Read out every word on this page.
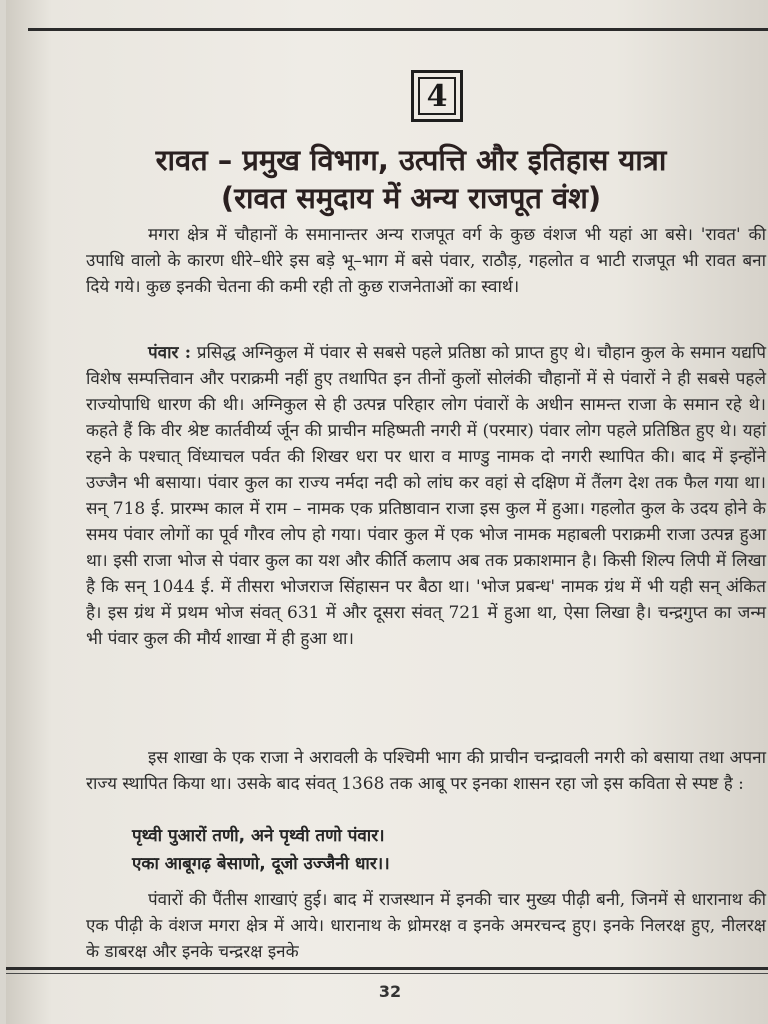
4
रावत – प्रमुख विभाग, उत्पत्ति और इतिहास यात्रा
(रावत समुदाय में अन्य राजपूत वंश)

मगरा क्षेत्र में चौहानों के समानान्तर अन्य राजपूत वर्ग के कुछ वंशज भी यहां आ बसे। 'रावत' की उपाधि वालो के कारण धीरे–धीरे इस बड़े भू–भाग में बसे पंवार, राठौड़, गहलोत व भाटी राजपूत भी रावत बना दिये गये। कुछ इनकी चेतना की कमी रही तो कुछ राजनेताओं का स्वार्थ।

पंवार : प्रसिद्ध अग्निकुल में पंवार से सबसे पहले प्रतिष्ठा को प्राप्त हुए थे। चौहान कुल के समान यद्यपि विशेष सम्पत्तिवान और पराक्रमी नहीं हुए तथापित इन तीनों कुलों सोलंकी चौहानों में से पंवारों ने ही सबसे पहले राज्योपाधि धारण की थी। अग्निकुल से ही उत्पन्न परिहार लोग पंवारों के अधीन सामन्त राजा के समान रहे थे। कहते हैं कि वीर श्रेष्ट कार्तवीर्य्य र्जून की प्राचीन महिष्मती नगरी में (परमार) पंवार लोग पहले प्रतिष्ठित हुए थे। यहां रहने के पश्चात् विंध्याचल पर्वत की शिखर धरा पर धारा व माण्डु नामक दो नगरी स्थापित की। बाद में इन्होंने उज्जैन भी बसाया। पंवार कुल का राज्य नर्मदा नदी को लांघ कर वहां से दक्षिण में तैंलग देश तक फैल गया था। सन् 718 ई. प्रारम्भ काल में राम – नामक एक प्रतिष्ठावान राजा इस कुल में हुआ। गहलोत कुल के उदय होने के समय पंवार लोगों का पूर्व गौरव लोप हो गया। पंवार कुल में एक भोज नामक महाबली पराक्रमी राजा उत्पन्न हुआ था। इसी राजा भोज से पंवार कुल का यश और कीर्ति कलाप अब तक प्रकाशमान है। किसी शिल्प लिपी में लिखा है कि सन् 1044 ई. में तीसरा भोजराज सिंहासन पर बैठा था। 'भोज प्रबन्ध' नामक ग्रंथ में भी यही सन् अंकित है। इस ग्रंथ में प्रथम भोज संवत् 631 में और दूसरा संवत् 721 में हुआ था, ऐसा लिखा है। चन्द्रगुप्त का जन्म भी पंवार कुल की मौर्य शाखा में ही हुआ था।

इस शाखा के एक राजा ने अरावली के पश्चिमी भाग की प्राचीन चन्द्रावली नगरी को बसाया तथा अपना राज्य स्थापित किया था। उसके बाद संवत् 1368 तक आबू पर इनका शासन रहा जो इस कविता से स्पष्ट है :

पृथ्वी पुआरों तणी, अने पृथ्वी तणो पंवार।
एका आबूगढ़ बेसाणो, दूजो उज्जैनी धार।।

पंवारों की पैंतीस शाखाएं हुई। बाद में राजस्थान में इनकी चार मुख्य पीढ़ी बनी, जिनमें से धारानाथ की एक पीढ़ी के वंशज मगरा क्षेत्र में आये। धारानाथ के ध्रोमरक्ष व इनके अमरचन्द हुए। इनके निलरक्ष हुए, नीलरक्ष के डाबरक्ष और इनके चन्द्ररक्ष इनके

32
